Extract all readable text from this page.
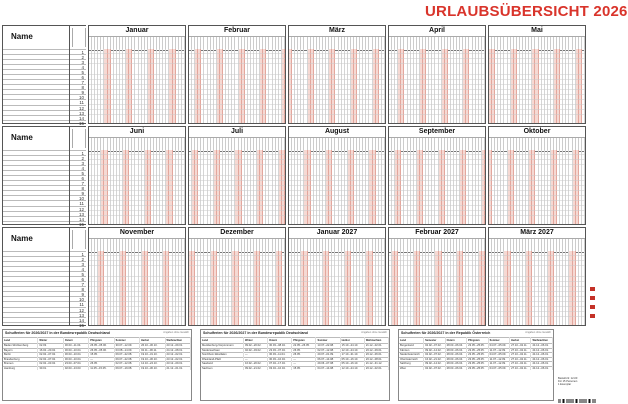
URLAUBSÜBERSICHT 2026
Name
1
2
3
4
5
6
7
8
9
10
11
12
13
14
15
Januar	Februar	März	April	Mai
Name
1
2
3
4
5
6
7
8
9
10
11
12
13
14
15
Juni	Juli	August	September	Oktober
Name
1
2
3
4
5
6
7
8
9
10
11
12
13
14
15
November	Dezember	Januar 2027	Februar 2027	März 2027
Bestell-Nr. 12-00
Für 15 Personen
1 Exemplar
Schulferien für 2026/2027 in der Bundesrepublik Deutschland	Angaben ohne Gewähr
Land	Winter	Ostern	Pfingsten	Sommer	Herbst	Weihnachten
Baden-Württemberg	02.03.	30.03.–11.04.	26.05.–05.06.	30.07.–12.09.	26.10.–30.10.	23.12.–09.01.
Bayern	16.02.–20.02.	30.03.–10.04.	26.05.–05.06.	03.08.–14.09.	02.11.–06.11.	24.12.–08.01.
Berlin	02.02.–07.02.	30.03.–10.04.	15.05.	09.07.–22.08.	19.10.–31.10.	23.12.–02.01.
Brandenburg	02.02.–07.02.	30.03.–10.04.	—	09.07.–22.08.	19.10.–30.10.	23.12.–02.01.
Bremen	02.02.–03.02.	23.03.–07.04.	26.05.	02.07.–12.08.	12.10.–24.10.	23.12.–09.01.
Hamburg	30.01.	02.03.–13.03.	11.05.–15.05.	09.07.–19.08.	19.10.–30.10.	21.12.–01.01.
Schulferien für 2026/2027 in der Bundesrepublik Deutschland	Angaben ohne Gewähr
Land	Winter	Ostern	Pfingsten	Sommer	Herbst	Weihnachten
Mecklenburg-Vorpommern	09.02.–20.02.	30.03.–08.04.	22.05.–26.05.	13.07.–22.08.	15.10.–24.10.	21.12.–02.01.
Niedersachsen	02.02.–03.02.	23.03.–07.04.	26.05.	02.07.–12.08.	12.10.–24.10.	23.12.–09.01.
Nordrhein-Westfalen	—	30.03.–11.04.	26.05.	20.07.–01.09.	17.10.–31.10.	23.12.–06.01.
Rheinland-Pfalz	—	30.03.–10.04.	—	06.07.–14.08.	05.10.–16.10.	23.12.–08.01.
Saarland	16.02.–20.02.	07.04.–17.04.	—	29.06.–07.08.	05.10.–16.10.	21.12.–31.12.
Sachsen	09.02.–21.02.	03.04.–10.04.	15.05.	04.07.–14.08.	12.10.–24.10.	23.12.–02.01.
Schulferien für 2026/2027 in der Republik Österreich	Angaben ohne Gewähr
Land	Semester	Ostern	Pfingsten	Sommer	Herbst	Weihnachten
Burgenland	02.02.–07.02.	28.03.–06.04.	23.05.–25.05.	04.07.–05.09.	27.10.–02.11.	24.12.–06.01.
Kärnten	09.02.–14.02.	28.03.–06.04.	23.05.–25.05.	11.07.–12.09.	27.10.–02.11.	24.12.–06.01.
Niederösterreich	02.02.–07.02.	28.03.–06.04.	23.05.–25.05.	04.07.–05.09.	27.10.–02.11.	24.12.–06.01.
Oberösterreich	16.02.–21.02.	28.03.–06.04.	23.05.–25.05.	11.07.–12.09.	27.10.–02.11.	24.12.–06.01.
Salzburg	09.02.–14.02.	28.03.–06.04.	23.05.–25.05.	11.07.–12.09.	27.10.–02.11.	24.12.–06.01.
Wien	02.02.–07.02.	28.03.–06.04.	23.05.–25.05.	04.07.–05.09.	27.10.–02.11.	24.12.–06.01.
